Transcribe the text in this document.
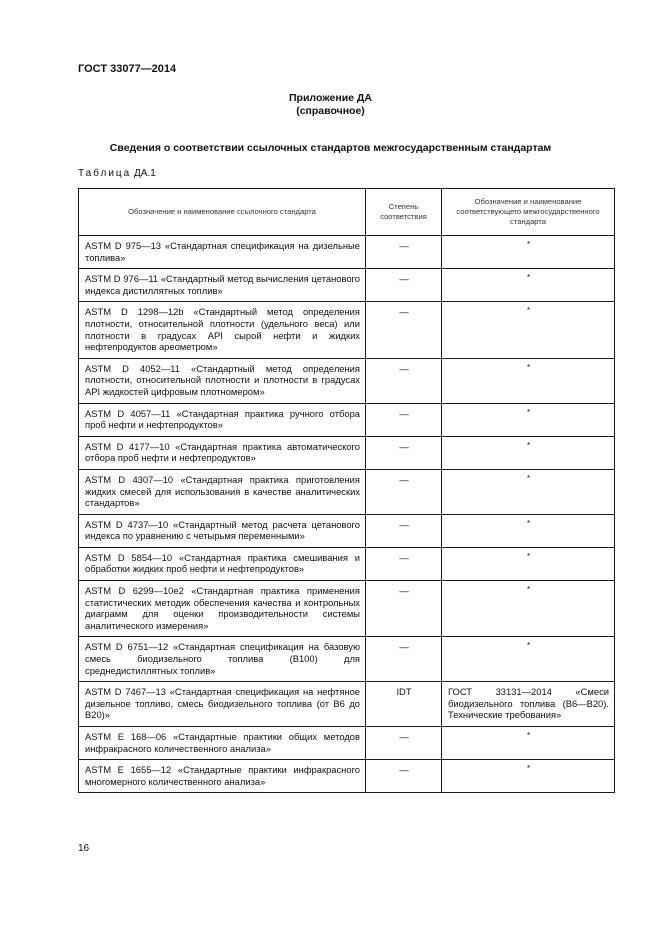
ГОСТ 33077—2014
Приложение ДА
(справочное)
Сведения о соответствии ссылочных стандартов межгосударственным стандартам
Таблица ДА.1
Обозначение и наименование ссылочного стандарта	Степень соответствия	Обозначение и наименование соответствующего межгосударственного стандарта
ASTM D 975—13 «Стандартная спецификация на дизельные топлива»	—	*
ASTM D 976—11 «Стандартный метод вычисления цетанового индекса дистиллятных топлив»	—	*
ASTM D 1298—12b «Стандартный метод определения плотности, относительной плотности (удельного веса) или плотности в градусах API сырой нефти и жидких нефтепродуктов ареометром»	—	*
ASTM D 4052—11 «Стандартный метод определения плотности, относительной плотности и плотности в градусах API жидкостей цифровым плотномером»	—	*
ASTM D 4057—11 «Стандартная практика ручного отбора проб нефти и нефтепродуктов»	—	*
ASTM D 4177—10 «Стандартная практика автоматического отбора проб нефти и нефтепродуктов»	—	*
ASTM D 4307—10 «Стандартная практика приготовления жидких смесей для использования в качестве аналитических стандартов»	—	*
ASTM D 4737—10 «Стандартный метод расчета цетанового индекса по уравнению с четырьмя переменными»	—	*
ASTM D 5854—10 «Стандартная практика смешивания и обработки жидких проб нефти и нефтепродуктов»	—	*
ASTM D 6299—10e2 «Стандартная практика применения статистических методик обеспечения качества и контрольных диаграмм для оценки производительности системы аналитического измерения»	—	*
ASTM D 6751—12 «Стандартная спецификация на базовую смесь биодизельного топлива (В100) для среднедистиллятных топлив»	—	*
ASTM D 7467—13 «Стандартная спецификация на нефтяное дизельное топливо, смесь биодизельного топлива (от В6 до В20)»	IDT	ГОСТ 33131—2014 «Смеси биодизельного топлива (В6—В20). Технические требования»
ASTM E 168—06 «Стандартные практики общих методов инфракрасного количественного анализа»	—	*
ASTM E 1655—12 «Стандартные практики инфракрасного многомерного количественного анализа»	—	*
16
